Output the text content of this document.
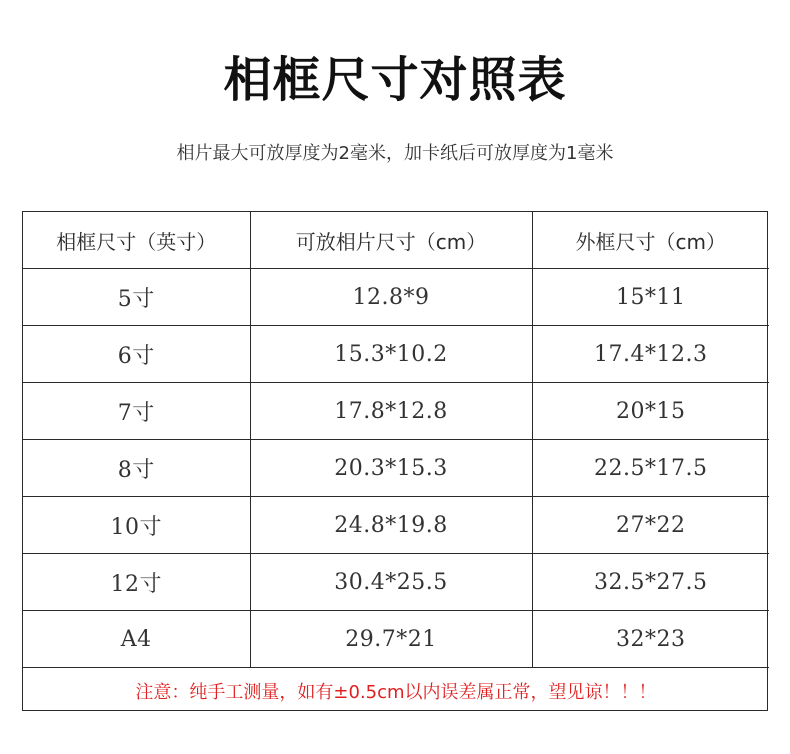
相框尺寸对照表
相片最大可放厚度为2毫米，加卡纸后可放厚度为1毫米
相框尺寸（英寸）	可放相片尺寸（cm）	外框尺寸（cm）
5寸	12.8*9	15*11
6寸	15.3*10.2	17.4*12.3
7寸	17.8*12.8	20*15
8寸	20.3*15.3	22.5*17.5
10寸	24.8*19.8	27*22
12寸	30.4*25.5	32.5*27.5
A4	29.7*21	32*23
注意：纯手工测量，如有±0.5cm以内误差属正常，望见谅！！！		
